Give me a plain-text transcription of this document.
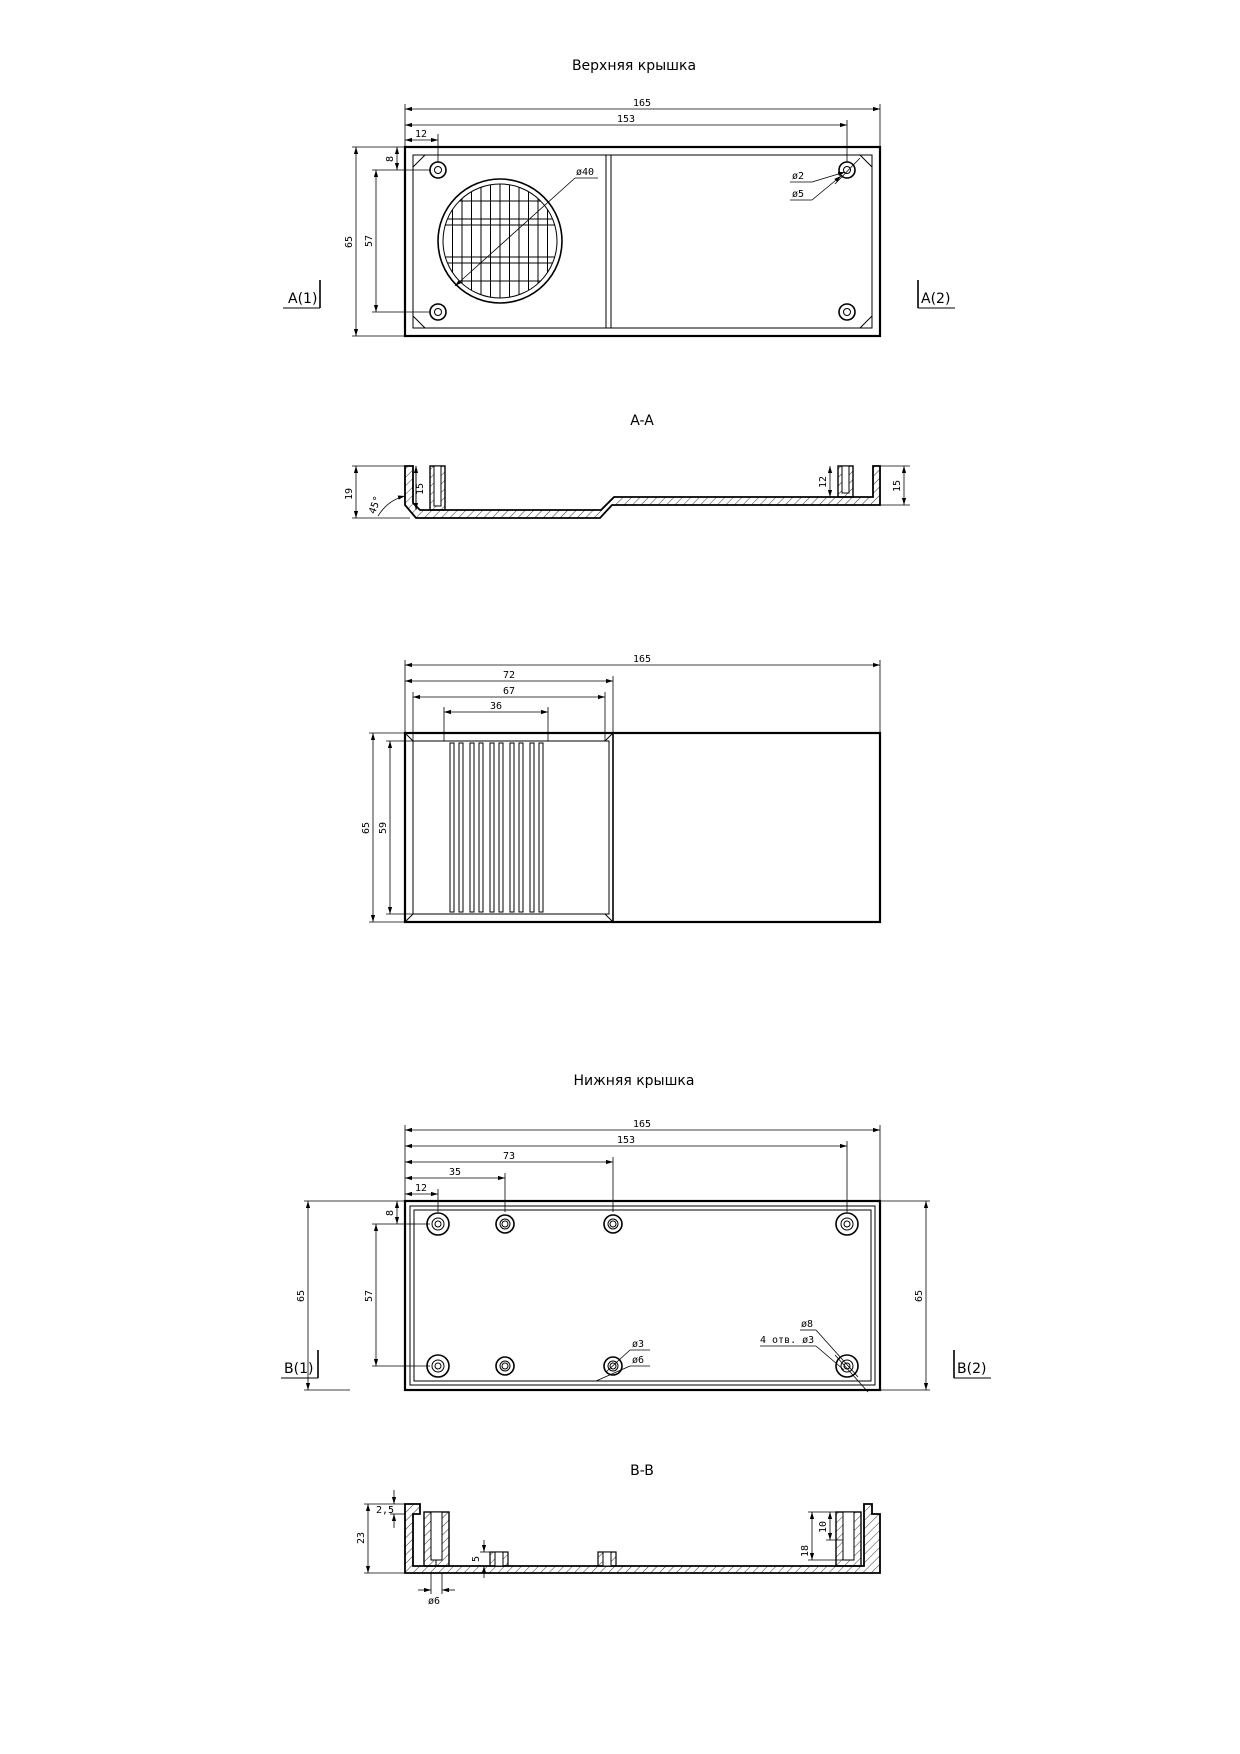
Верхняя крышка
165
153
12
65 57
8
ø40	ø2
ø5
A(1)	A(2)
A-A
19	15
45°
12	15
165
72
67
36
65 59
Нижняя крышка
165
153
73
35
12
65	57
8
65
ø3
ø6
ø8
4 отв. ø3
B(1)	B(2)
B-B
23
2,5
5
ø6
18
10
